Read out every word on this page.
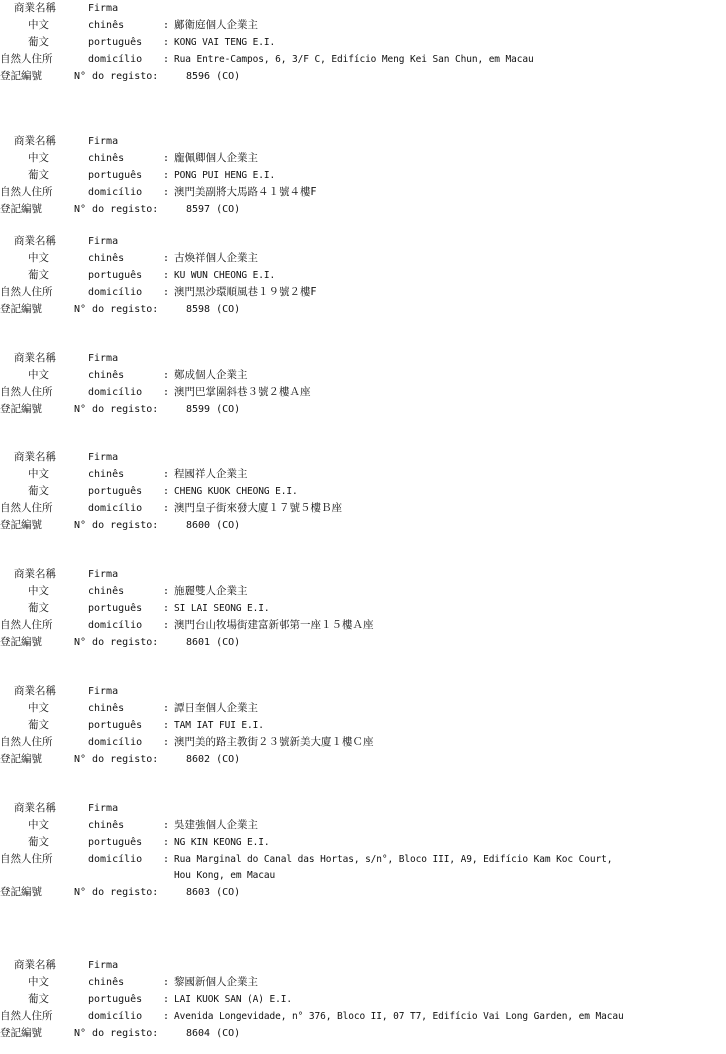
商業名稱	Firma
中文	chinês	: 鄺衛庭個人企業主
葡文	português : KONG VAI TENG E.I.
自然人住所	domicílio : Rua Entre-Campos, 6, 3/F C, Edifício Meng Kei San Chun, em Macau
登記編號	N° do registo:	8596 (CO)
商業名稱	Firma
中文	chinês	: 龐佩卿個人企業主
葡文	português : PONG PUI HENG E.I.
自然人住所	domicílio : 澳門美副將大馬路４１號４樓F
登記編號	N° do registo:	8597 (CO)
商業名稱	Firma
中文	chinês	: 古煥祥個人企業主
葡文	português : KU WUN CHEONG E.I.
自然人住所	domicílio : 澳門黑沙環順風巷１９號２樓F
登記編號	N° do registo:	8598 (CO)
商業名稱	Firma
中文	chinês	: 鄭成個人企業主
自然人住所	domicílio : 澳門巴掌圍斜巷３號２樓Ａ座
登記編號	N° do registo:	8599 (CO)
商業名稱	Firma
中文	chinês	: 程國祥人企業主
葡文	português : CHENG KUOK CHEONG E.I.
自然人住所	domicílio : 澳門皇子街來發大廈１７號５樓Ｂ座
登記編號	N° do registo:	8600 (CO)
商業名稱	Firma
中文	chinês	: 施麗雙人企業主
葡文	português : SI LAI SEONG E.I.
自然人住所	domicílio : 澳門台山牧場街建富新邨第一座１５樓Ａ座
登記編號	N° do registo:	8601 (CO)
商業名稱	Firma
中文	chinês	: 譚日奎個人企業主
葡文	português : TAM IAT FUI E.I.
自然人住所	domicílio : 澳門美的路主教街２３號新美大廈１樓Ｃ座
登記編號	N° do registo:	8602 (CO)
商業名稱	Firma
中文	chinês	: 吳建強個人企業主
葡文	português : NG KIN KEONG E.I.
自然人住所	domicílio : Rua Marginal do Canal das Hortas, s/n°, Bloco III, A9, Edifício Kam Koc Court,
Hou Kong, em Macau
登記編號	N° do registo:	8603 (CO)
商業名稱	Firma
中文	chinês	: 黎國新個人企業主
葡文	português : LAI KUOK SAN (A) E.I.
自然人住所	domicílio : Avenida Longevidade, n° 376, Bloco II, 07 T7, Edifício Vai Long Garden, em Macau
登記編號	N° do registo:	8604 (CO)
